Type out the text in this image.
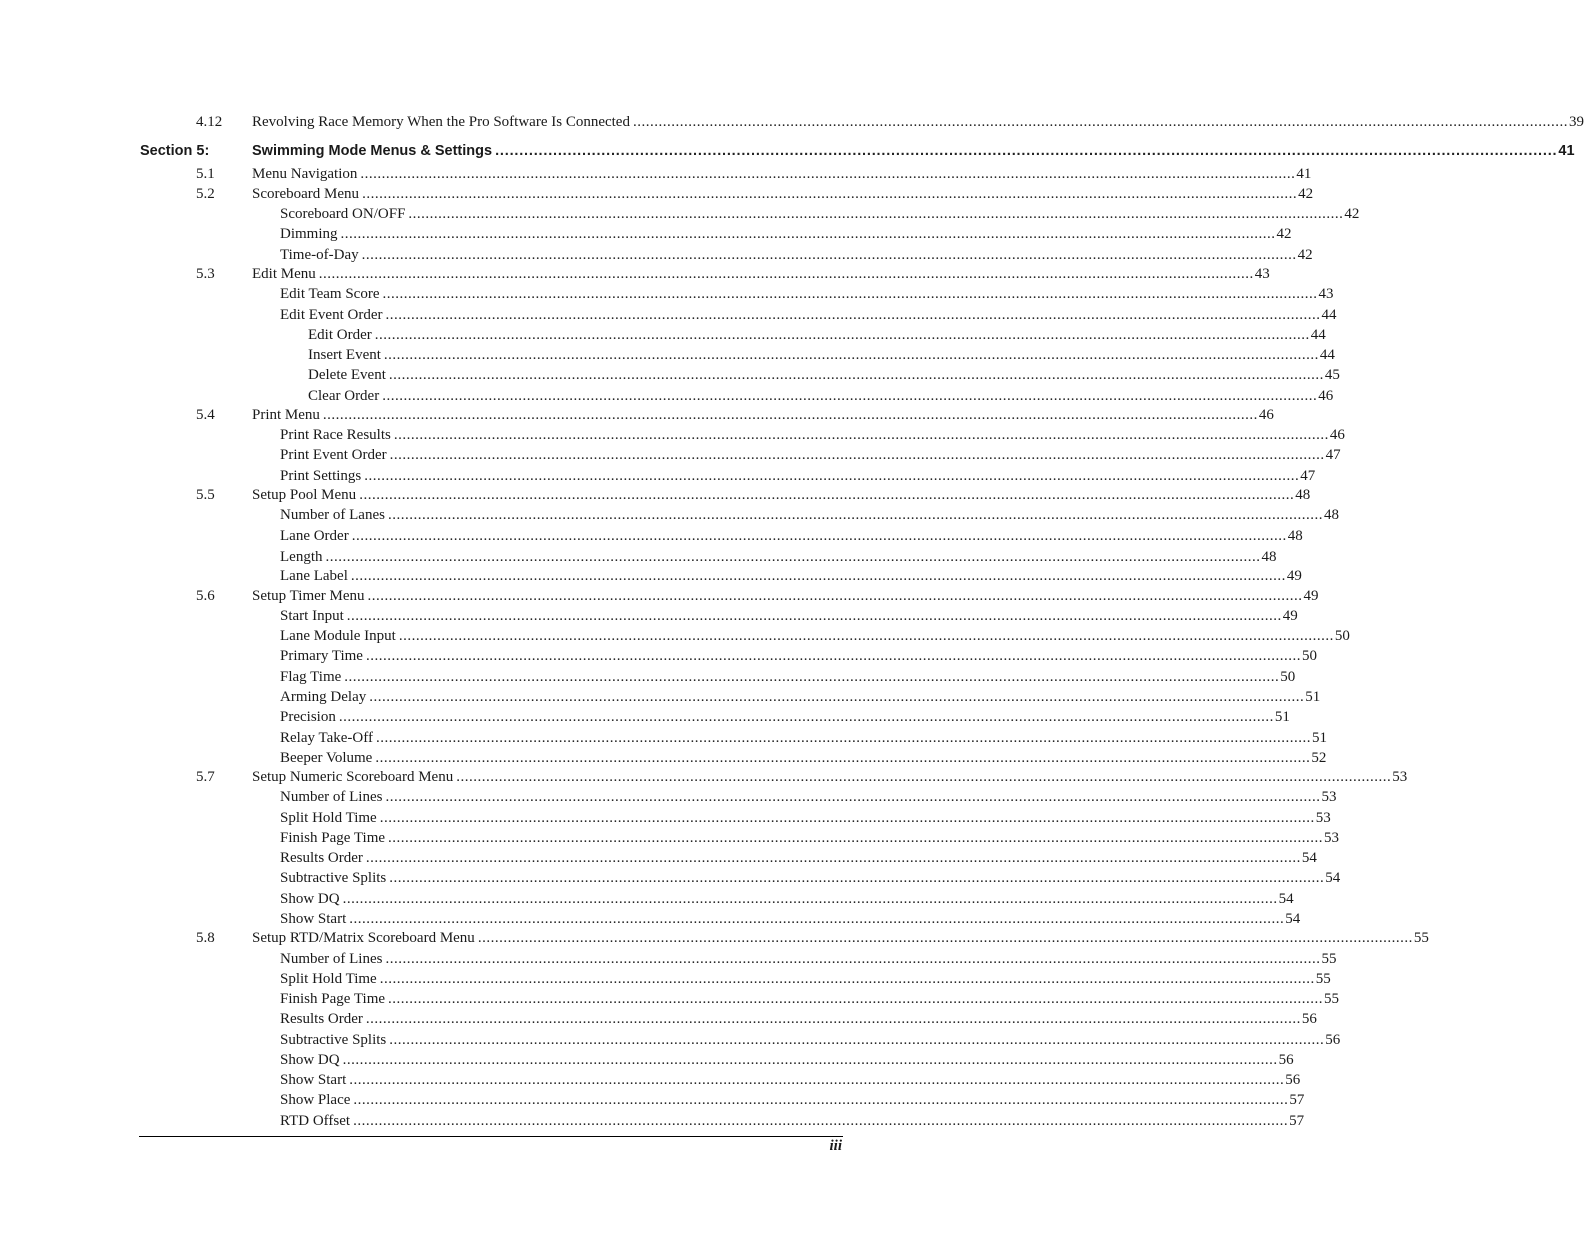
4.12 Revolving Race Memory When the Pro Software Is Connected ............................................................................................................................................................................................................................ 39
Section 5:	Swimming Mode Menus & Settings ............................................................................................................................................................................................................................ 41
5.1 Menu Navigation ............................................................................................................................................................................................................................ 41
5.2 Scoreboard Menu ............................................................................................................................................................................................................................ 42
Scoreboard ON/OFF ............................................................................................................................................................................................................................ 42
Dimming ............................................................................................................................................................................................................................ 42
Time-of-Day ............................................................................................................................................................................................................................ 42
5.3 Edit Menu ............................................................................................................................................................................................................................ 43
Edit Team Score ............................................................................................................................................................................................................................ 43
Edit Event Order ............................................................................................................................................................................................................................ 44
Edit Order ............................................................................................................................................................................................................................ 44
Insert Event ............................................................................................................................................................................................................................ 44
Delete Event ............................................................................................................................................................................................................................ 45
Clear Order ............................................................................................................................................................................................................................ 46
5.4 Print Menu ............................................................................................................................................................................................................................ 46
Print Race Results ............................................................................................................................................................................................................................ 46
Print Event Order ............................................................................................................................................................................................................................ 47
Print Settings ............................................................................................................................................................................................................................ 47
5.5 Setup Pool Menu ............................................................................................................................................................................................................................ 48
Number of Lanes ............................................................................................................................................................................................................................ 48
Lane Order ............................................................................................................................................................................................................................ 48
Length ............................................................................................................................................................................................................................ 48
Lane Label ............................................................................................................................................................................................................................ 49
5.6 Setup Timer Menu ............................................................................................................................................................................................................................ 49
Start Input ............................................................................................................................................................................................................................ 49
Lane Module Input ............................................................................................................................................................................................................................ 50
Primary Time ............................................................................................................................................................................................................................ 50
Flag Time ............................................................................................................................................................................................................................ 50
Arming Delay ............................................................................................................................................................................................................................ 51
Precision ............................................................................................................................................................................................................................ 51
Relay Take-Off ............................................................................................................................................................................................................................ 51
Beeper Volume ............................................................................................................................................................................................................................ 52
5.7 Setup Numeric Scoreboard Menu ............................................................................................................................................................................................................................ 53
Number of Lines ............................................................................................................................................................................................................................ 53
Split Hold Time ............................................................................................................................................................................................................................ 53
Finish Page Time ............................................................................................................................................................................................................................ 53
Results Order ............................................................................................................................................................................................................................ 54
Subtractive Splits ............................................................................................................................................................................................................................ 54
Show DQ ............................................................................................................................................................................................................................ 54
Show Start ............................................................................................................................................................................................................................ 54
5.8 Setup RTD/Matrix Scoreboard Menu ............................................................................................................................................................................................................................ 55
Number of Lines ............................................................................................................................................................................................................................ 55
Split Hold Time ............................................................................................................................................................................................................................ 55
Finish Page Time ............................................................................................................................................................................................................................ 55
Results Order ............................................................................................................................................................................................................................ 56
Subtractive Splits ............................................................................................................................................................................................................................ 56
Show DQ ............................................................................................................................................................................................................................ 56
Show Start ............................................................................................................................................................................................................................ 56
Show Place ............................................................................................................................................................................................................................ 57
RTD Offset ............................................................................................................................................................................................................................ 57
iii
